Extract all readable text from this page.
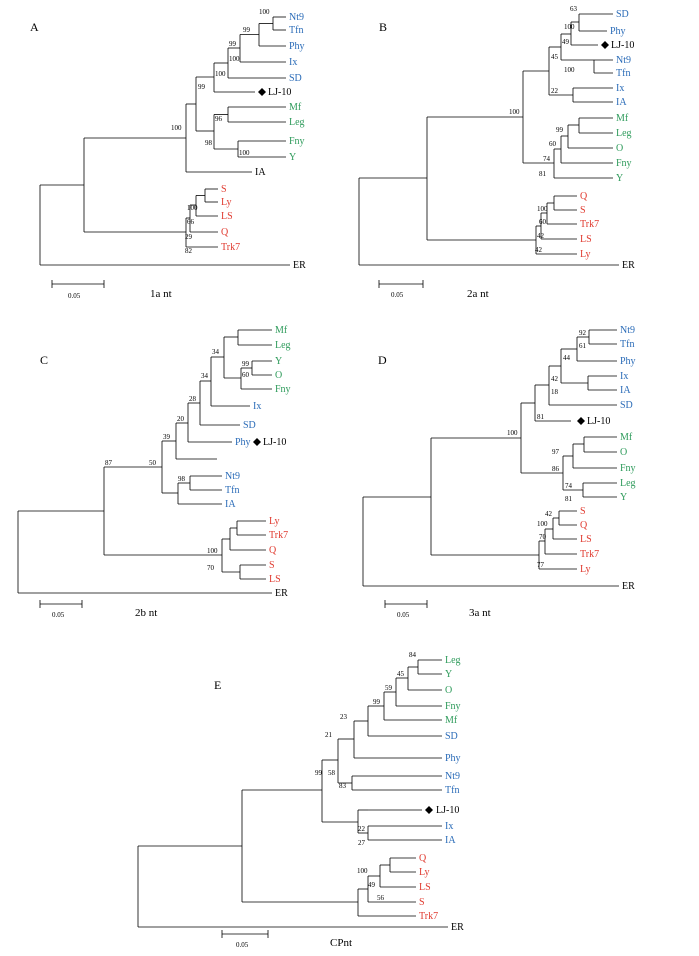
A
Nt9
Tfn
Phy
Ix
SD
LJ-10
Mf
Leg
Fny
Y
IA
S
Ly
LS
Q
Trk7
ER
100
99
99
100
100
99
100
96
98
100
100
66
29
82
0.05	1a nt
B
SD
Phy
LJ-10
Nt9
Tfn
Ix
IA
Mf
Leg
O
Fny
Y
Q
S
Trk7
LS
Ly
ER
63
100
49
45
100
22
100
99
60
74
81
100
60
42
42
0.05	2a nt
C
Mf
Leg
Y
O
Fny
Ix
SD
Phy LJ-10
Nt9
Tfn
IA
Ly
Trk7
Q
S
LS
ER
34
99
60
34
28
20
39
50
87
98
100
70
0.05	2b nt
D
Nt9
Tfn
Phy
Ix
IA
SD
LJ-10
Mf
O
Fny
Leg
Y
S
Q
LS
Trk7
Ly
ER
92
61
44
42
18
81
100
97
86
74
81
100
42
70
77
0.05	3a nt
E
Leg
Y
O
Fny
Mf
SD
Phy
Nt9
Tfn
LJ-10
Ix
IA
Q
Ly
LS
S
Trk7
ER
84
45
59
99
23
21
99 58
83
22
27
100
49
56
0.05	CPnt
